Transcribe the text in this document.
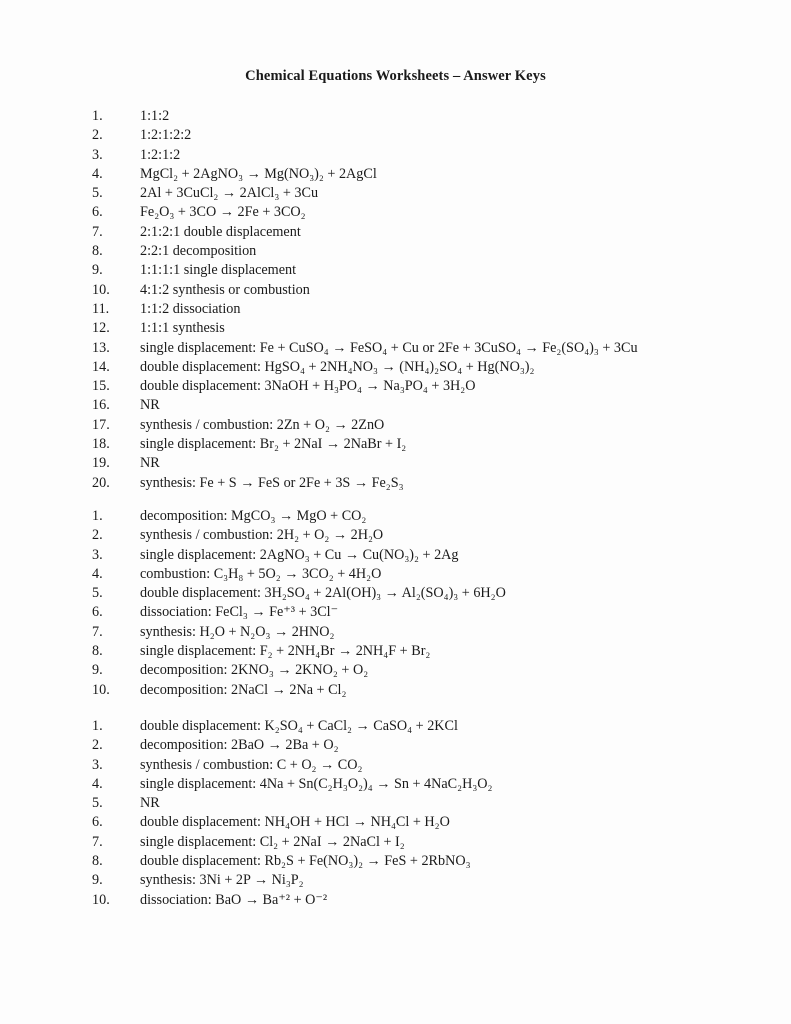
Chemical Equations Worksheets – Answer Keys
1.	1:1:2
2.	1:2:1:2:2
3.	1:2:1:2
4.	MgCl₂ + 2AgNO₃ → Mg(NO₃)₂ + 2AgCl
5.	2Al + 3CuCl₂ → 2AlCl₃ + 3Cu
6.	Fe₂O₃ + 3CO → 2Fe + 3CO₂
7.	2:1:2:1 double displacement
8.	2:2:1 decomposition
9.	1:1:1:1 single displacement
10.	4:1:2 synthesis or combustion
11.	1:1:2 dissociation
12.	1:1:1 synthesis
13.	single displacement: Fe + CuSO₄ → FeSO₄ + Cu or 2Fe + 3CuSO₄ → Fe₂(SO₄)₃ + 3Cu
14.	double displacement: HgSO₄ + 2NH₄NO₃ → (NH₄)₂SO₄ + Hg(NO₃)₂
15.	double displacement: 3NaOH + H₃PO₄ → Na₃PO₄ + 3H₂O
16.	NR
17.	synthesis / combustion: 2Zn + O₂ → 2ZnO
18.	single displacement: Br₂ + 2NaI → 2NaBr + I₂
19.	NR
20.	synthesis: Fe + S → FeS or 2Fe + 3S → Fe₂S₃
1.	decomposition: MgCO₃ → MgO + CO₂
2.	synthesis / combustion: 2H₂ + O₂ → 2H₂O
3.	single displacement: 2AgNO₃ + Cu → Cu(NO₃)₂ + 2Ag
4.	combustion: C₃H₈ + 5O₂ → 3CO₂ + 4H₂O
5.	double displacement: 3H₂SO₄ + 2Al(OH)₃ → Al₂(SO₄)₃ + 6H₂O
6.	dissociation: FeCl₃ → Fe⁺³ + 3Cl⁻
7.	synthesis: H₂O + N₂O₃ → 2HNO₂
8.	single displacement: F₂ + 2NH₄Br → 2NH₄F + Br₂
9.	decomposition: 2KNO₃ → 2KNO₂ + O₂
10.	decomposition: 2NaCl → 2Na + Cl₂
1.	double displacement: K₂SO₄ + CaCl₂ → CaSO₄ + 2KCl
2.	decomposition: 2BaO → 2Ba + O₂
3.	synthesis / combustion: C + O₂ → CO₂
4.	single displacement: 4Na + Sn(C₂H₃O₂)₄ → Sn + 4NaC₂H₃O₂
5.	NR
6.	double displacement: NH₄OH + HCl → NH₄Cl + H₂O
7.	single displacement: Cl₂ + 2NaI → 2NaCl + I₂
8.	double displacement: Rb₂S + Fe(NO₃)₂ → FeS + 2RbNO₃
9.	synthesis: 3Ni + 2P → Ni₃P₂
10.	dissociation: BaO → Ba⁺² + O⁻²
